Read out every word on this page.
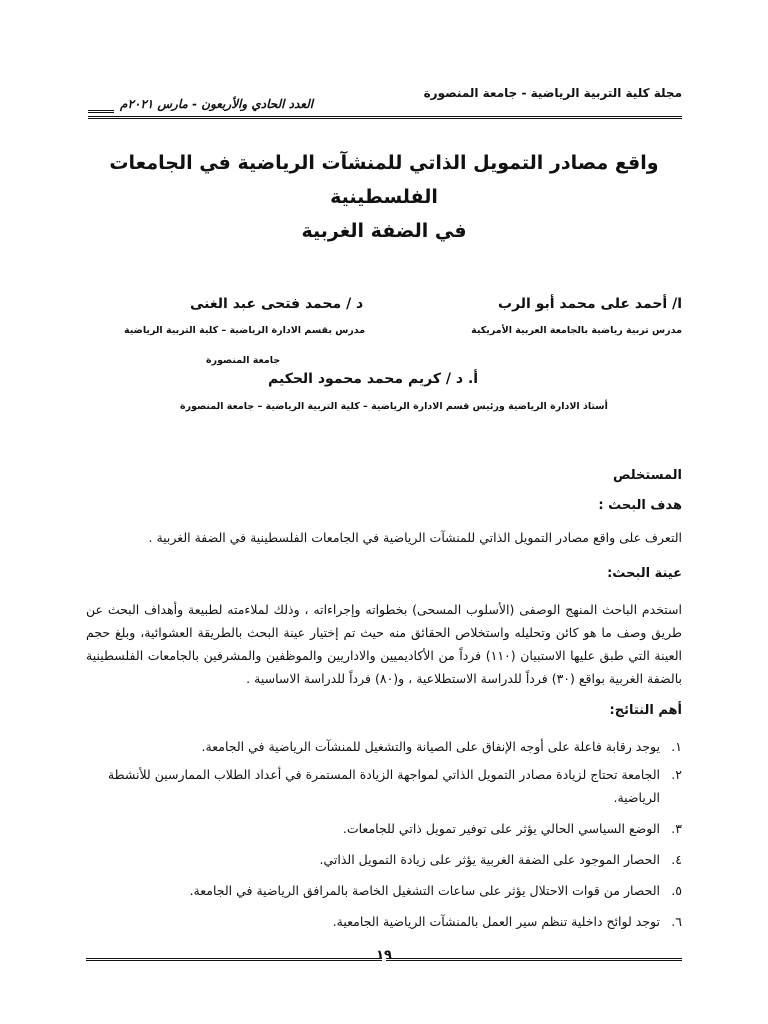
مجلة كلية التربية الرياضية - جامعة المنصورة
العدد الحادي والأربعون - مارس ٢٠٢١م
واقع مصادر التمويل الذاتي للمنشآت الرياضية في الجامعات الفلسطينية
في الضفة الغربية
ا/ أحمد على محمد أبو الرب
مدرس تربية رياضية بالجامعة العربية الأمريكية
د / محمد فتحى عبد الغنى
مدرس بقسم الادارة الرياضية – كلية التربية الرياضية
جامعة المنصورة
أ. د / كريم محمد محمود الحكيم
أستاذ الادارة الرياضية ورئيس قسم الادارة الرياضية – كلية التربية الرياضية – جامعة المنصورة
المستخلص
هدف البحث :
التعرف على واقع مصادر التمويل الذاتي للمنشآت الرياضية في الجامعات الفلسطينية في الضفة الغربية .
عينة البحث:
استخدم الباحث المنهج الوصفى (الأسلوب المسحى) بخطواته وإجراءاته ، وذلك لملاءمته لطبيعة وأهداف البحث عن طريق وصف ما هو كائن وتحليله واستخلاص الحقائق منه حيث تم إختيار عينة البحث بالطريقة العشوائية، وبلغ حجم العينة التي طبق عليها الاستبيان (١١٠) فرداً من الأكاديميين والاداريين والموظفين والمشرفين بالجامعات الفلسطينية بالضفة الغربية بواقع (٣٠) فرداً للدراسة الاستطلاعية ، و(٨٠) فرداً للدراسة الاساسية .
أهم النتائج:
١.
يوجد رقابة فاعلة على أوجه الإنفاق على الصيانة والتشغيل للمنشآت الرياضية في الجامعة.
٢.
الجامعة تحتاج لزيادة مصادر التمويل الذاتي لمواجهة الزيادة المستمرة في أعداد الطلاب الممارسين للأنشطة الرياضية.
٣.
الوضع السياسي الحالي يؤثر على توفير تمويل ذاتي للجامعات.
٤.
الحصار الموجود على الضفة الغربية يؤثر على زيادة التمويل الذاتي.
٥.
الحصار من قوات الاحتلال يؤثر على ساعات التشغيل الخاصة بالمرافق الرياضية في الجامعة.
٦.
توجد لوائح داخلية تنظم سير العمل بالمنشآت الرياضية الجامعية.
١٩
